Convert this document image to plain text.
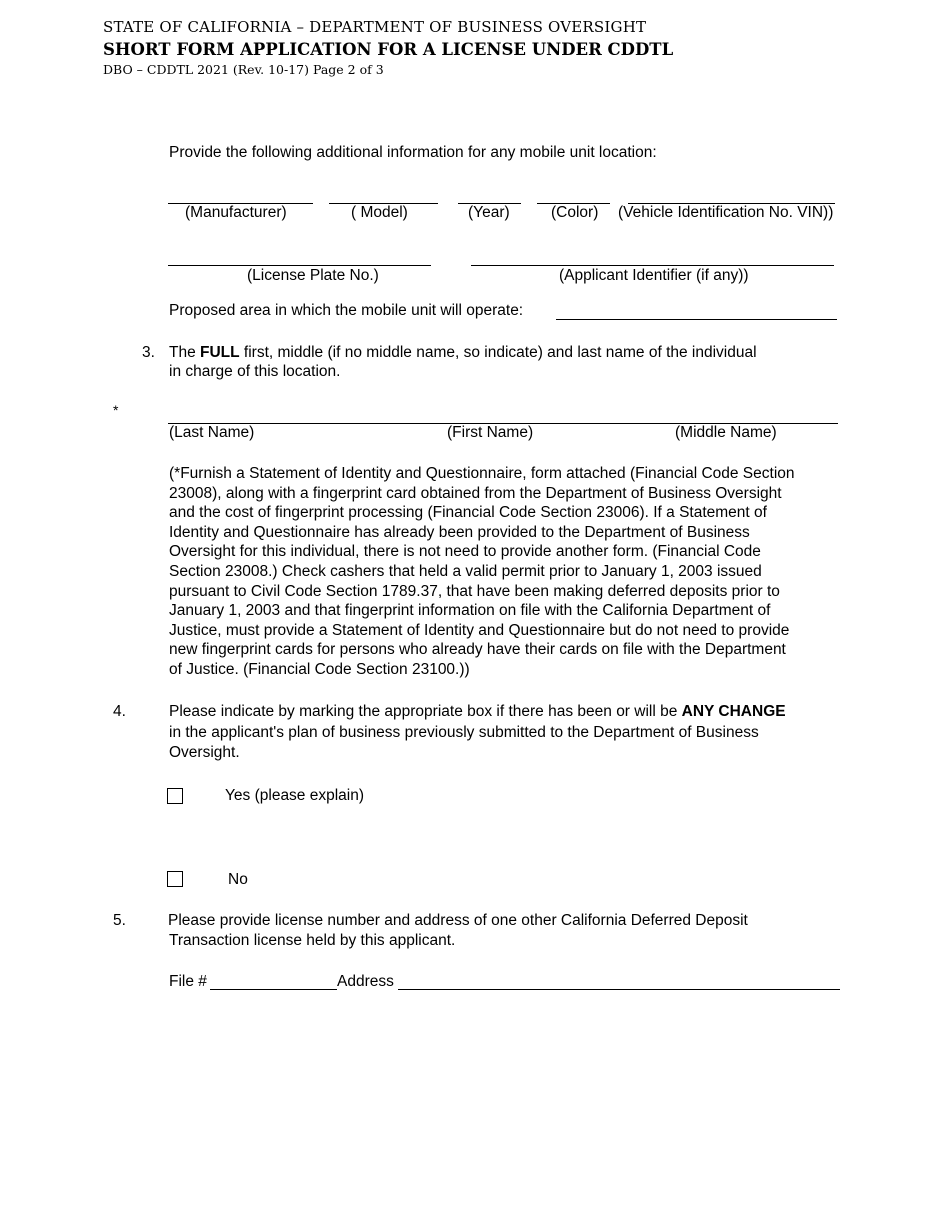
STATE OF CALIFORNIA – DEPARTMENT OF BUSINESS OVERSIGHT
SHORT FORM APPLICATION FOR A LICENSE UNDER CDDTL
DBO – CDDTL 2021 (Rev. 10-17) Page 2 of 3
Provide the following additional information for any mobile unit location:
(Manufacturer)	( Model)	(Year)	(Color) (Vehicle Identification No. VIN))
(License Plate No.)	(Applicant Identifier (if any))
Proposed area in which the mobile unit will operate:
3. The FULL first, middle (if no middle name, so indicate) and last name of the individual
in charge of this location.
*
(Last Name)	(First Name)	(Middle Name)
(*Furnish a Statement of Identity and Questionnaire, form attached (Financial Code Section
23008), along with a fingerprint card obtained from the Department of Business Oversight
and the cost of fingerprint processing (Financial Code Section 23006). If a Statement of
Identity and Questionnaire has already been provided to the Department of Business
Oversight for this individual, there is not need to provide another form. (Financial Code
Section 23008.) Check cashers that held a valid permit prior to January 1, 2003 issued
pursuant to Civil Code Section 1789.37, that have been making deferred deposits prior to
January 1, 2003 and that fingerprint information on file with the California Department of
Justice, must provide a Statement of Identity and Questionnaire but do not need to provide
new fingerprint cards for persons who already have their cards on file with the Department
of Justice. (Financial Code Section 23100.))
4.	Please indicate by marking the appropriate box if there has been or will be ANY CHANGE
in the applicant's plan of business previously submitted to the Department of Business
Oversight.
Yes (please explain)
No
5.	Please provide license number and address of one other California Deferred Deposit
Transaction license held by this applicant.
File #	Address
